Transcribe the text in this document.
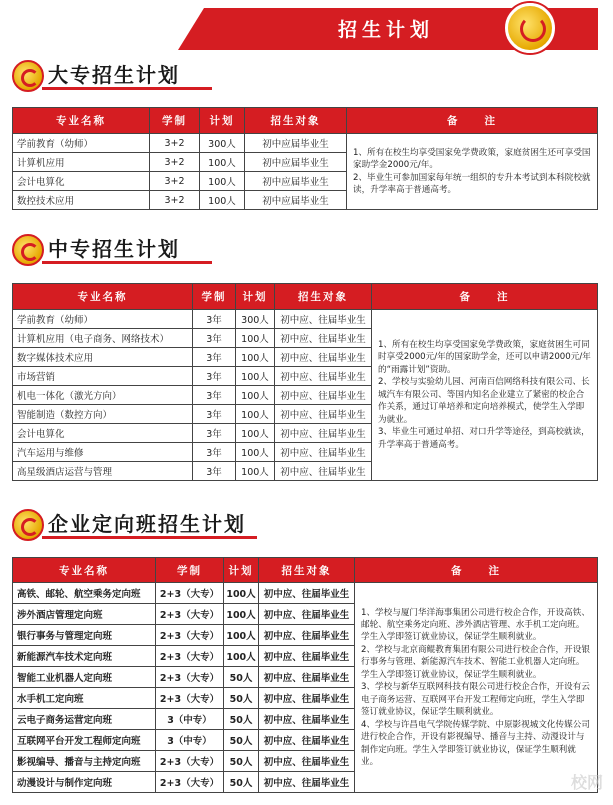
招生计划
大专招生计划
专业名称	学制	计划	招生对象	备　　注
学前教育（幼师）	3+2	300人	初中应届毕业生	1、所有在校生均享受国家免学费政策，家庭贫困生还可享受国家助学金2000元/年。
2、毕业生可参加国家每年统一组织的专升本考试到本科院校就读，升学率高于普通高考。
计算机应用	3+2	100人	初中应届毕业生	
会计电算化	3+2	100人	初中应届毕业生	
数控技术应用	3+2	100人	初中应届毕业生	
中专招生计划
专业名称	学制	计划	招生对象	备　　注
学前教育（幼师）	3年	300人	初中应、往届毕业生	1、所有在校生均享受国家免学费政策，家庭贫困生可同时享受2000元/年的国家助学金，还可以申请2000元/年的“雨露计划”资助。
2、学校与实验幼儿园、河南百信网络科技有限公司、长城汽车有限公司、等国内知名企业建立了紧密的校企合作关系，通过订单培养和定向培养模式，使学生入学即为就业。
3、毕业生可通过单招、对口升学等途径，到高校就读，升学率高于普通高考。
计算机应用（电子商务、网络技术）	3年	100人	初中应、往届毕业生	
数字媒体技术应用	3年	100人	初中应、往届毕业生	
市场营销	3年	100人	初中应、往届毕业生	
机电一体化（激光方向）	3年	100人	初中应、往届毕业生	
智能制造（数控方向）	3年	100人	初中应、往届毕业生	
会计电算化	3年	100人	初中应、往届毕业生	
汽车运用与维修	3年	100人	初中应、往届毕业生	
高星级酒店运营与管理	3年	100人	初中应、往届毕业生	
企业定向班招生计划
专业名称	学制	计划	招生对象	备　　注
高铁、邮轮、航空乘务定向班	2+3（大专）	100人	初中应、往届毕业生	1、学校与厦门华洋海事集团公司进行校企合作，开设高铁、邮轮、航空乘务定向班、涉外酒店管理、水手机工定向班。学生入学即签订就业协议，保证学生顺利就业。
2、学校与北京商鲲教育集团有限公司进行校企合作，开设银行事务与管理、新能源汽车技术、智能工业机器人定向班。学生入学即签订就业协议，保证学生顺利就业。
3、学校与新华互联网科技有限公司进行校企合作，开设有云电子商务运营、互联网平台开发工程师定向班，学生入学即签订就业协议，保证学生顺利就业。
4、学校与许昌电气学院传媒学院、中原影视城文化传媒公司进行校企合作，开设有影视编导、播音与主持、动漫设计与制作定向班。学生入学即签订就业协议，保证学生顺利就业。
涉外酒店管理定向班	2+3（大专）	100人	初中应、往届毕业生	
银行事务与管理定向班	2+3（大专）	100人	初中应、往届毕业生	
新能源汽车技术定向班	2+3（大专）	100人	初中应、往届毕业生	
智能工业机器人定向班	2+3（大专）	50人	初中应、往届毕业生	
水手机工定向班	2+3（大专）	50人	初中应、往届毕业生	
云电子商务运营定向班	3（中专）	50人	初中应、往届毕业生	
互联网平台开发工程师定向班	3（中专）	50人	初中应、往届毕业生	
影视编导、播音与主持定向班	2+3（大专）	50人	初中应、往届毕业生	
动漫设计与制作定向班	2+3（大专）	50人	初中应、往届毕业生		校网
